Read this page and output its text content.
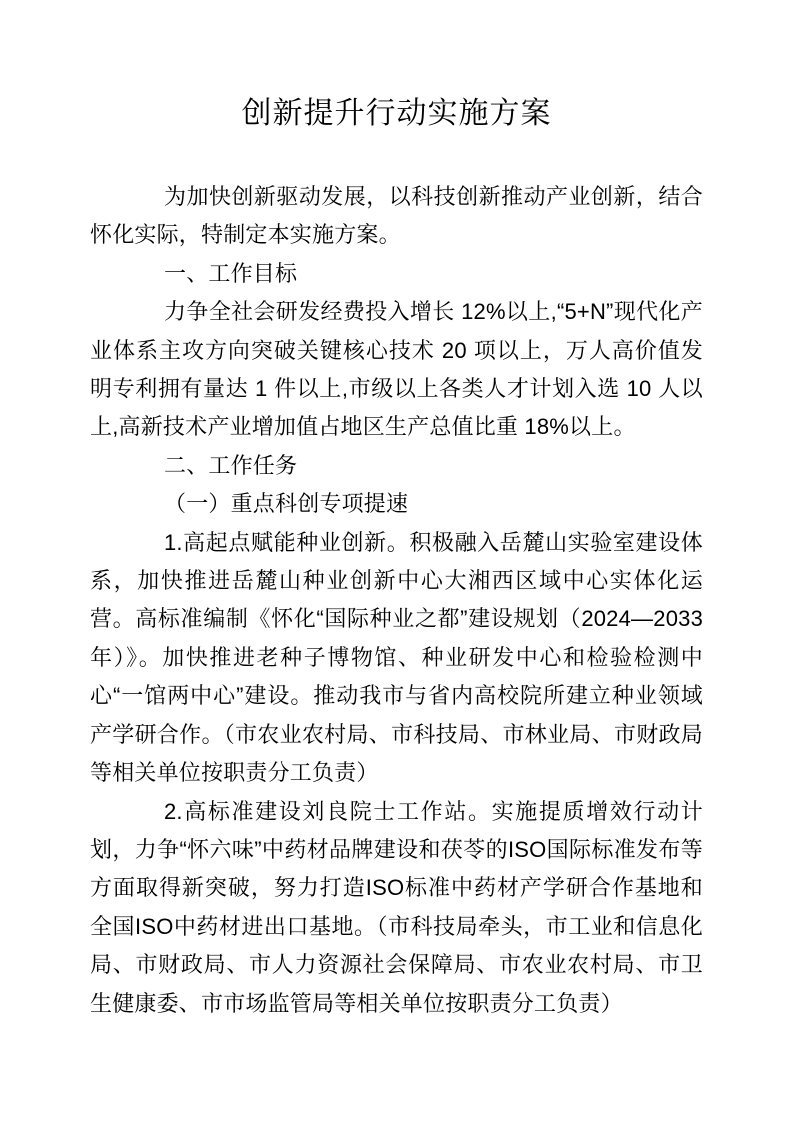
创新提升行动实施方案

为加快创新驱动发展，以科技创新推动产业创新，结合怀化实际，特制定本实施方案。

一、工作目标

力争全社会研发经费投入增长 12%以上,“5+N”现代化产业体系主攻方向突破关键核心技术 20 项以上，万人高价值发明专利拥有量达 1 件以上,市级以上各类人才计划入选 10 人以上,高新技术产业增加值占地区生产总值比重 18%以上。

二、工作任务

（一）重点科创专项提速

1.高起点赋能种业创新。积极融入岳麓山实验室建设体系，加快推进岳麓山种业创新中心大湘西区域中心实体化运营。高标准编制《怀化“国际种业之都”建设规划（2024—2033年）》。加快推进老种子博物馆、种业研发中心和检验检测中心“一馆两中心”建设。推动我市与省内高校院所建立种业领域产学研合作。（市农业农村局、市科技局、市林业局、市财政局等相关单位按职责分工负责）

2.高标准建设刘良院士工作站。实施提质增效行动计划，力争“怀六味”中药材品牌建设和茯苓的ISO国际标准发布等方面取得新突破，努力打造ISO标准中药材产学研合作基地和全国ISO中药材进出口基地。（市科技局牵头，市工业和信息化局、市财政局、市人力资源社会保障局、市农业农村局、市卫生健康委、市市场监管局等相关单位按职责分工负责）
